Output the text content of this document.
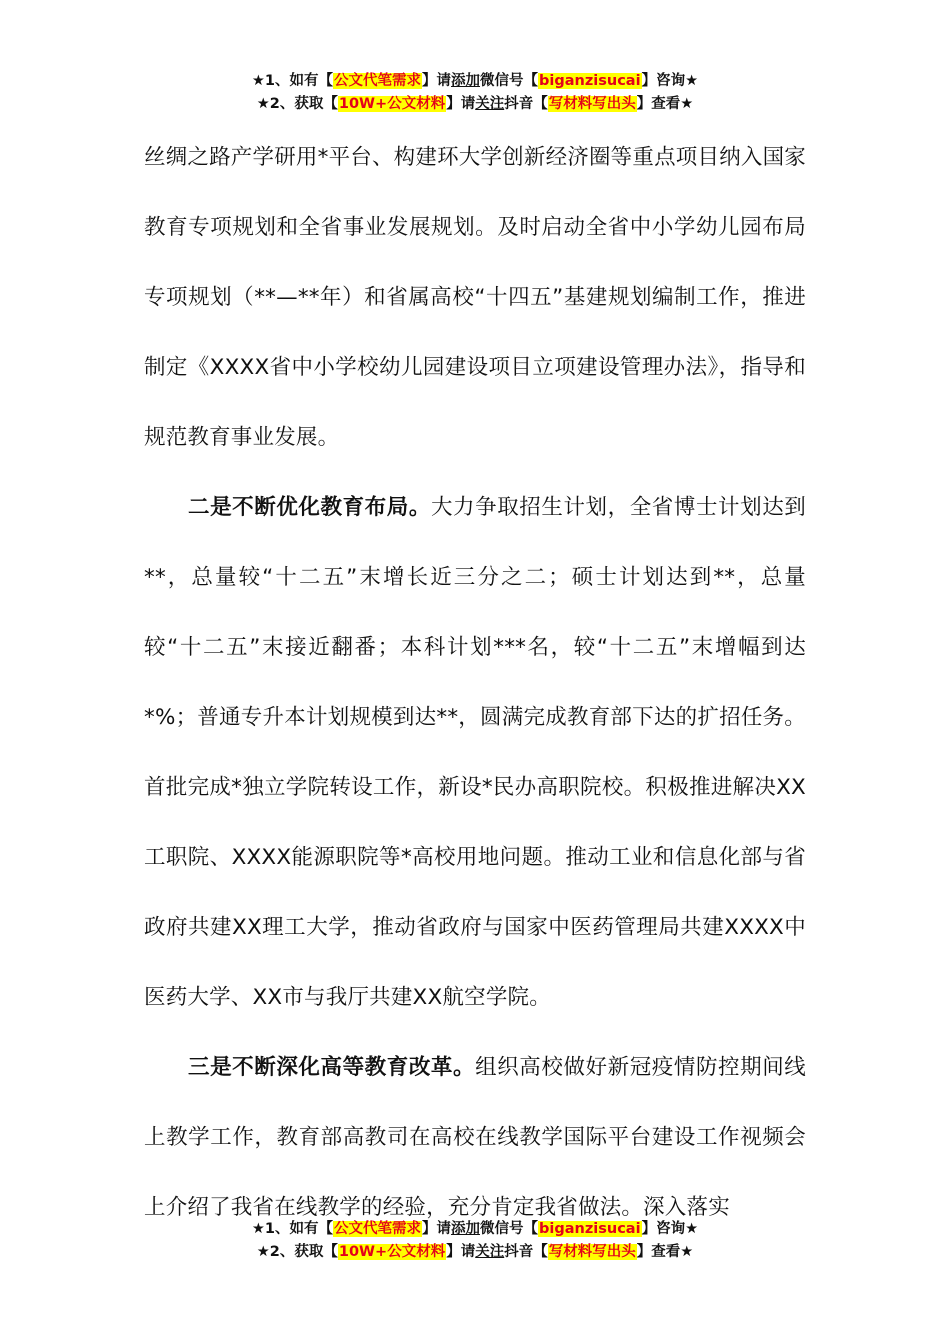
★1、如有【公文代笔需求】请添加微信号【biganzisucai】咨询★
★2、获取【10W+公文材料】请关注抖音【写材料写出头】查看★

丝绸之路产学研用*平台、构建环大学创新经济圈等重点项目纳入国家教育专项规划和全省事业发展规划。及时启动全省中小学幼儿园布局专项规划（**—**年）和省属高校“十四五”基建规划编制工作，推进制定《XXXX省中小学校幼儿园建设项目立项建设管理办法》，指导和规范教育事业发展。

二是不断优化教育布局。大力争取招生计划，全省博士计划达到**，总量较“十二五”末增长近三分之二；硕士计划达到**，总量较“十二五”末接近翻番；本科计划***名，较“十二五”末增幅到达*%；普通专升本计划规模到达**，圆满完成教育部下达的扩招任务。首批完成*独立学院转设工作，新设*民办高职院校。积极推进解决XX工职院、XXXX能源职院等*高校用地问题。推动工业和信息化部与省政府共建XX理工大学，推动省政府与国家中医药管理局共建XXXX中医药大学、XX市与我厅共建XX航空学院。

三是不断深化高等教育改革。组织高校做好新冠疫情防控期间线上教学工作，教育部高教司在高校在线教学国际平台建设工作视频会上介绍了我省在线教学的经验，充分肯定我省做法。深入落实

★1、如有【公文代笔需求】请添加微信号【biganzisucai】咨询★
★2、获取【10W+公文材料】请关注抖音【写材料写出头】查看★
